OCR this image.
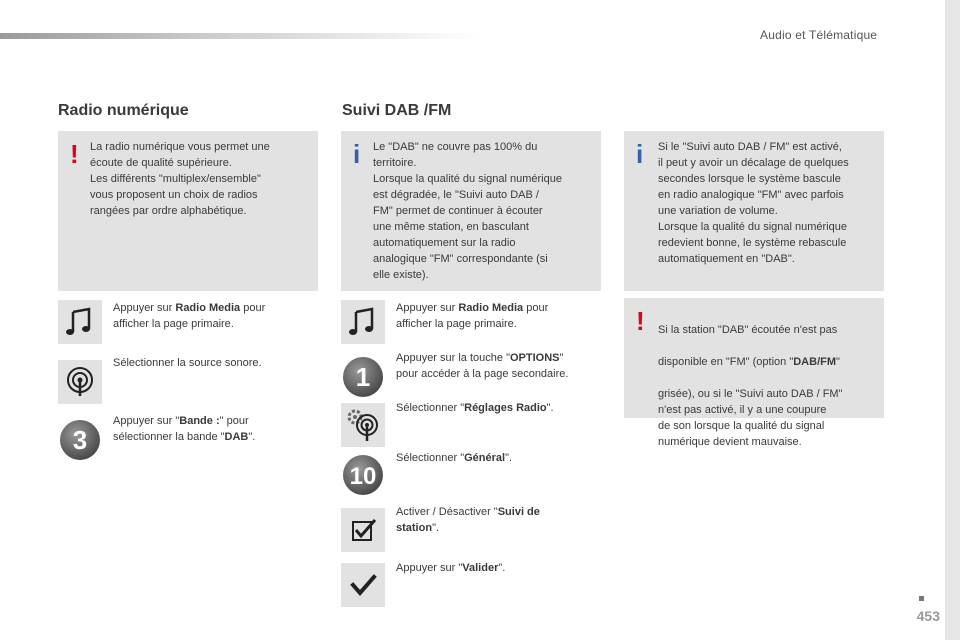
Audio et Télématique
Radio numérique	Suivi DAB /FM
! La radio numérique vous permet une
écoute de qualité supérieure.
Les différents "multiplex/ensemble"
vous proposent un choix de radios
rangées par ordre alphabétique.
i Le "DAB" ne couvre pas 100% du
territoire.
Lorsque la qualité du signal numérique
est dégradée, le "Suivi auto DAB /
FM" permet de continuer à écouter
une même station, en basculant
automatiquement sur la radio
analogique "FM" correspondante (si
elle existe).
i Si le "Suivi auto DAB / FM" est activé,
il peut y avoir un décalage de quelques
secondes lorsque le système bascule
en radio analogique "FM" avec parfois
une variation de volume.
Lorsque la qualité du signal numérique
redevient bonne, le système rebascule
automatiquement en "DAB".
! Si la station "DAB" écoutée n'est pas

disponible en "FM" (option "DAB/FM"

grisée), ou si le "Suivi auto DAB / FM"
n'est pas activé, il y a une coupure
de son lorsque la qualité du signal
numérique devient mauvaise.

Appuyer sur Radio Media pour
afficher la page primaire.
Sélectionner la source sonore.
3
Appuyer sur "Bande :" pour
sélectionner la bande "DAB".
Appuyer sur Radio Media pour
afficher la page primaire.
1
Appuyer sur la touche "OPTIONS"
pour accéder à la page secondaire.
Sélectionner "Réglages Radio".
10
Sélectionner "Général".
Activer / Désactiver "Suivi de
station".
Appuyer sur "Valider".
453
